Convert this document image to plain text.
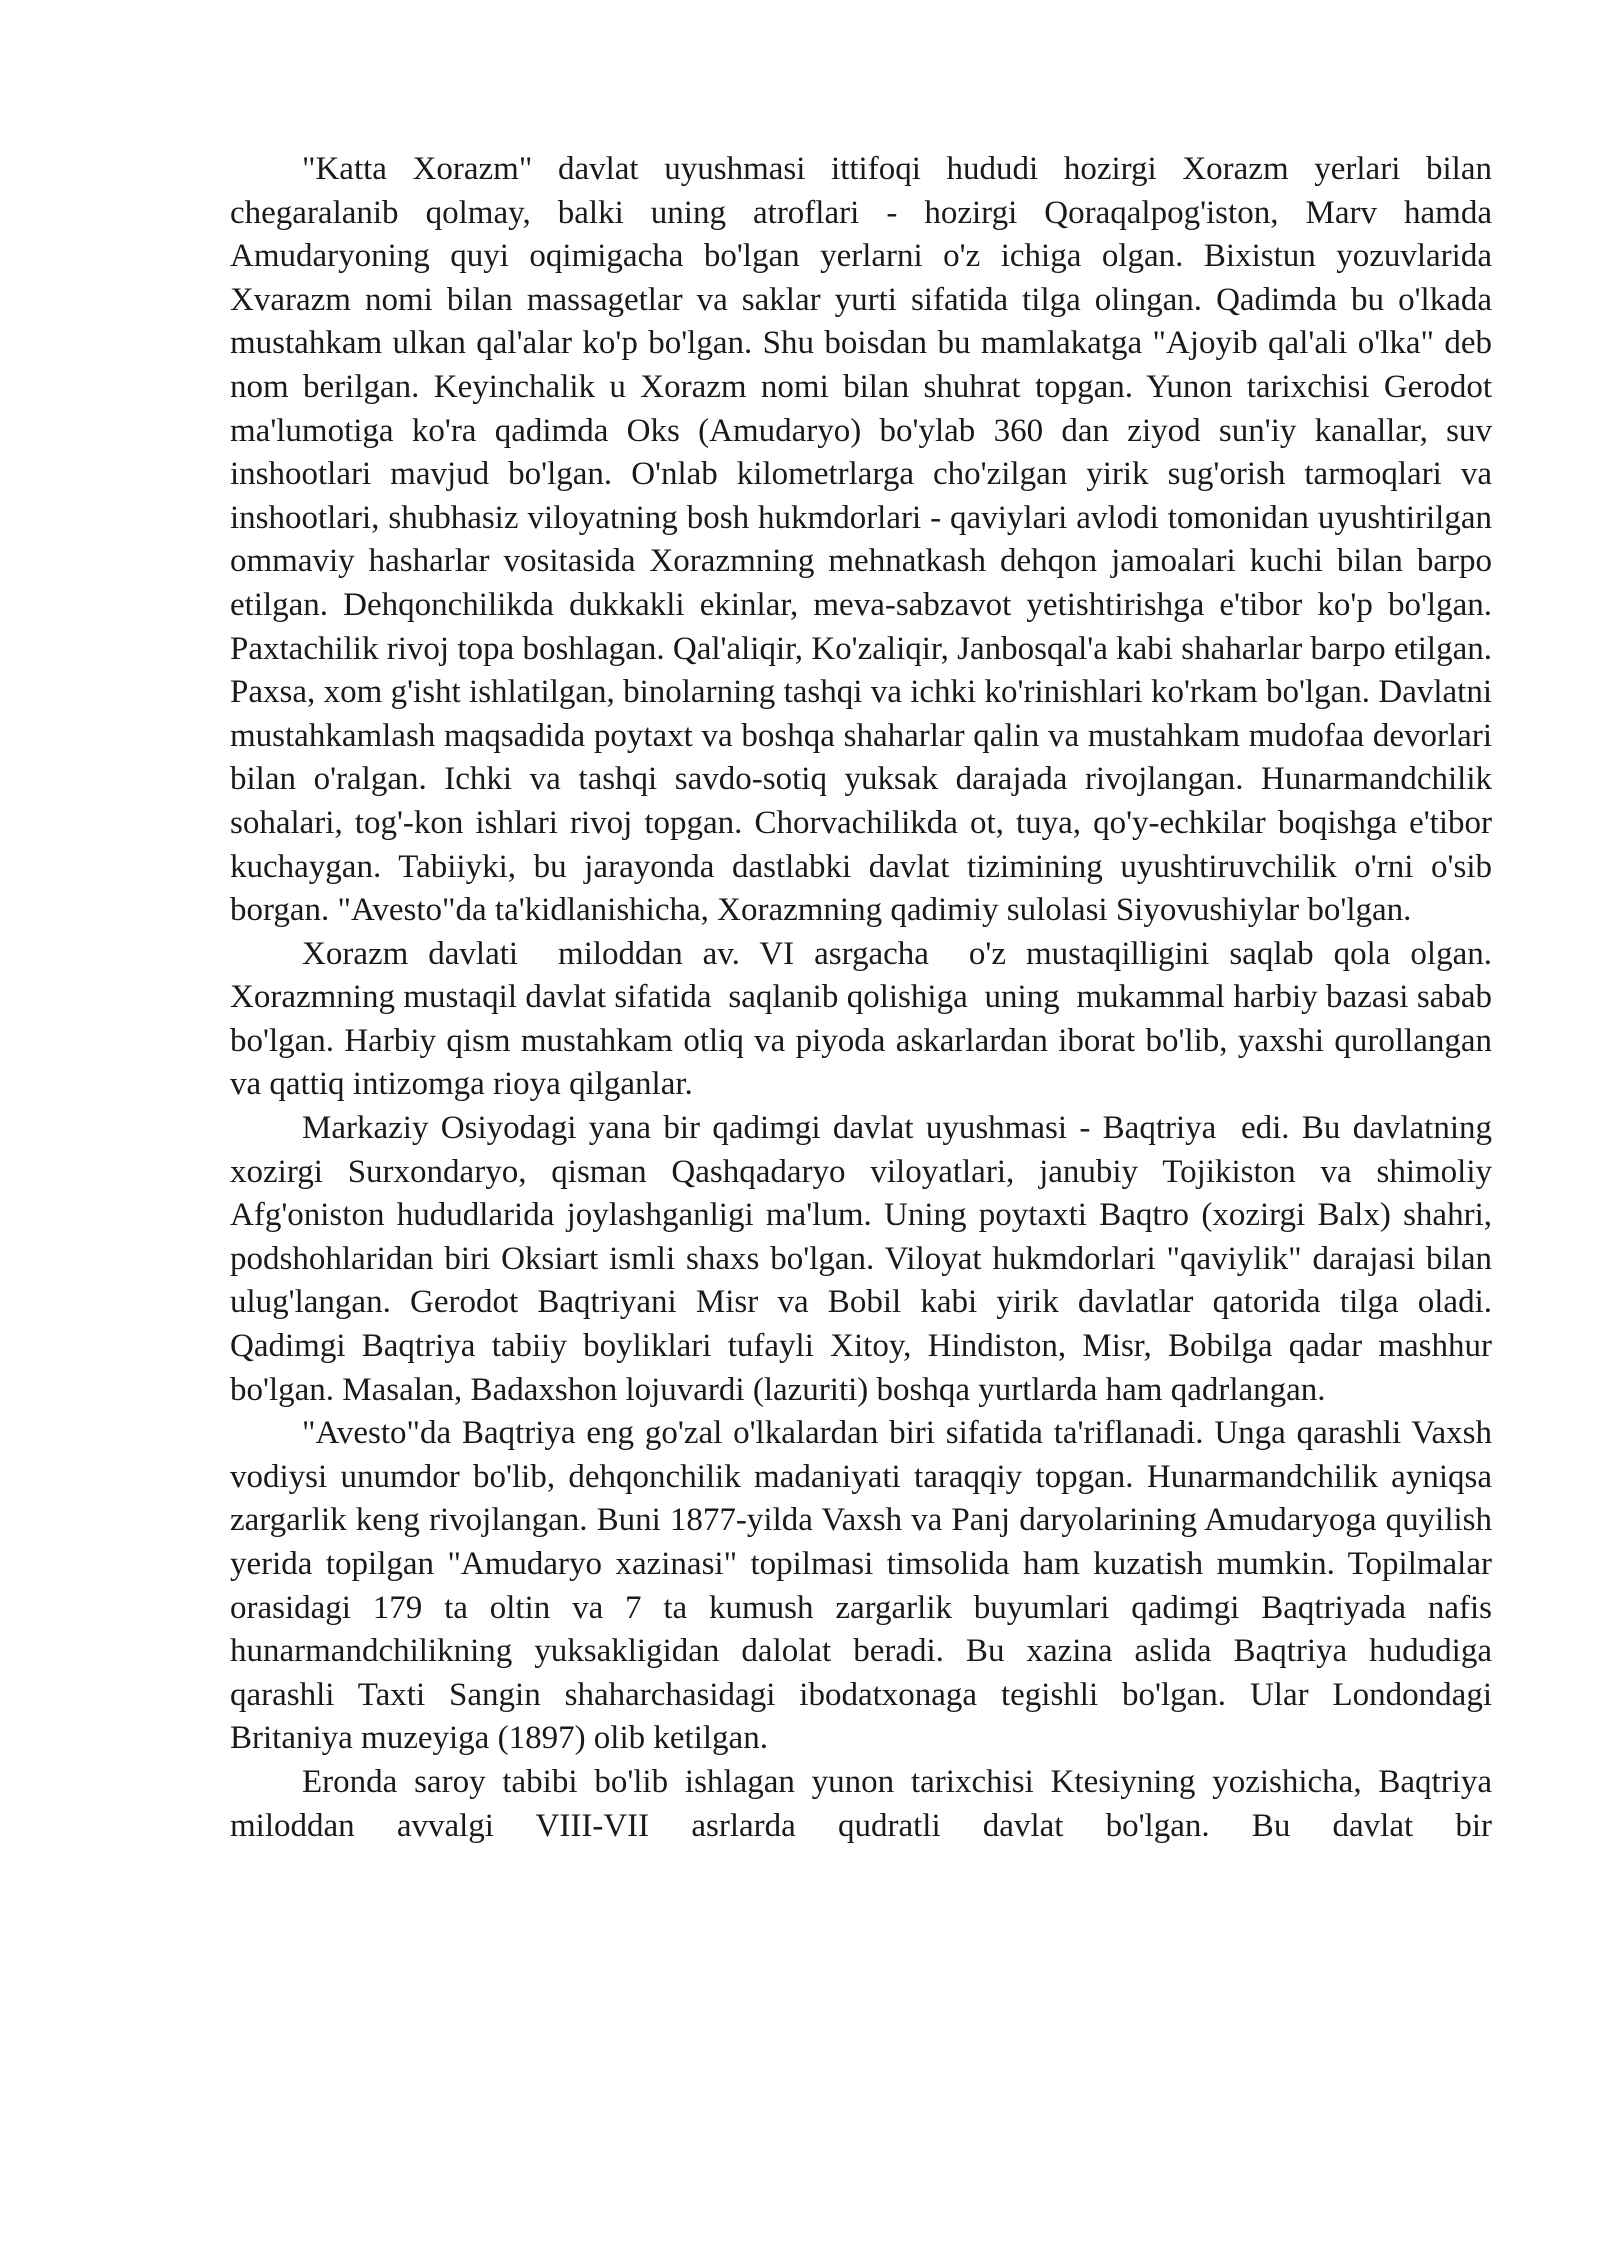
"Katta Xorazm" davlat uyushmasi ittifoqi hududi hozirgi Xorazm yerlari bilan chegaralanib qolmay, balki uning atroflari - hozirgi Qoraqalpog'iston, Marv hamda Amudaryoning quyi oqimigacha bo'lgan yerlarni o'z ichiga olgan. Bixistun yozuvlarida Xvarazm nomi bilan massagetlar va saklar yurti sifatida tilga olingan. Qadimda bu o'lkada mustahkam ulkan qal'alar ko'p bo'lgan. Shu boisdan bu mamlakatga "Ajoyib qal'ali o'lka" deb nom berilgan. Keyinchalik u Xorazm nomi bilan shuhrat topgan. Yunon tarixchisi Gerodot ma'lumotiga ko'ra qadimda Oks (Amudaryo) bo'ylab 360 dan ziyod sun'iy kanallar, suv inshootlari mavjud bo'lgan. O'nlab kilometrlarga cho'zilgan yirik sug'orish tarmoqlari va inshootlari, shubhasiz viloyatning bosh hukmdorlari - qaviylari avlodi tomonidan uyushtirilgan ommaviy hasharlar vositasida Xorazmning mehnatkash dehqon jamoalari kuchi bilan barpo etilgan. Dehqonchilikda dukkakli ekinlar, meva-sabzavot yetishtirishga e'tibor ko'p bo'lgan. Paxtachilik rivoj topa boshlagan. Qal'aliqir, Ko'zaliqir, Janbosqal'a kabi shaharlar barpo etilgan. Paxsa, xom g'isht ishlatilgan, binolarning tashqi va ichki ko'rinishlari ko'rkam bo'lgan. Davlatni mustahkamlash maqsadida poytaxt va boshqa shaharlar qalin va mustahkam mudofaa devorlari bilan o'ralgan. Ichki va tashqi savdo-sotiq yuksak darajada rivojlangan. Hunarmandchilik sohalari, tog'-kon ishlari rivoj topgan. Chorvachilikda ot, tuya, qo'y-echkilar boqishga e'tibor kuchaygan. Tabiiyki, bu jarayonda dastlabki davlat tizimining uyushtiruvchilik o'rni o'sib borgan. "Avesto"da ta'kidlanishicha, Xorazmning qadimiy sulolasi Siyovushiylar bo'lgan.

Xorazm davlati  miloddan av. VI asrgacha  o'z mustaqilligini saqlab qola olgan. Xorazmning mustaqil davlat sifatida  saqlanib qolishiga  uning  mukammal harbiy bazasi sabab bo'lgan. Harbiy qism mustahkam otliq va piyoda askarlardan iborat bo'lib, yaxshi qurollangan va qattiq intizomga rioya qilganlar.

Markaziy Osiyodagi yana bir qadimgi davlat uyushmasi - Baqtriya  edi. Bu davlatning xozirgi Surxondaryo, qisman Qashqadaryo viloyatlari, janubiy Tojikiston va shimoliy Afg'oniston hududlarida joylashganligi ma'lum. Uning poytaxti Baqtro (xozirgi Balx) shahri, podshohlaridan biri Oksiart ismli shaxs bo'lgan. Viloyat hukmdorlari "qaviylik" darajasi bilan ulug'langan. Gerodot Baqtriyani Misr va Bobil kabi yirik davlatlar qatorida tilga oladi. Qadimgi Baqtriya tabiiy boyliklari tufayli Xitoy, Hindiston, Misr, Bobilga qadar mashhur bo'lgan. Masalan, Badaxshon lojuvardi (lazuriti) boshqa yurtlarda ham qadrlangan.

"Avesto"da Baqtriya eng go'zal o'lkalardan biri sifatida ta'riflanadi. Unga qarashli Vaxsh vodiysi unumdor bo'lib, dehqonchilik madaniyati taraqqiy topgan. Hunarmandchilik ayniqsa zargarlik keng rivojlangan. Buni 1877-yilda Vaxsh va Panj daryolarining Amudaryoga quyilish yerida topilgan "Amudaryo xazinasi" topilmasi timsolida ham kuzatish mumkin. Topilmalar orasidagi 179 ta oltin va 7 ta kumush zargarlik buyumlari qadimgi Baqtriyada nafis hunarmandchilikning yuksakligidan dalolat beradi. Bu xazina aslida Baqtriya hududiga qarashli Taxti Sangin shaharchasidagi ibodatxonaga tegishli bo'lgan. Ular Londondagi Britaniya muzeyiga (1897) olib ketilgan.

Eronda saroy tabibi bo'lib ishlagan yunon tarixchisi Ktesiyning yozishicha, Baqtriya  miloddan avvalgi VIII-VII asrlarda qudratli davlat bo'lgan. Bu davlat bir
